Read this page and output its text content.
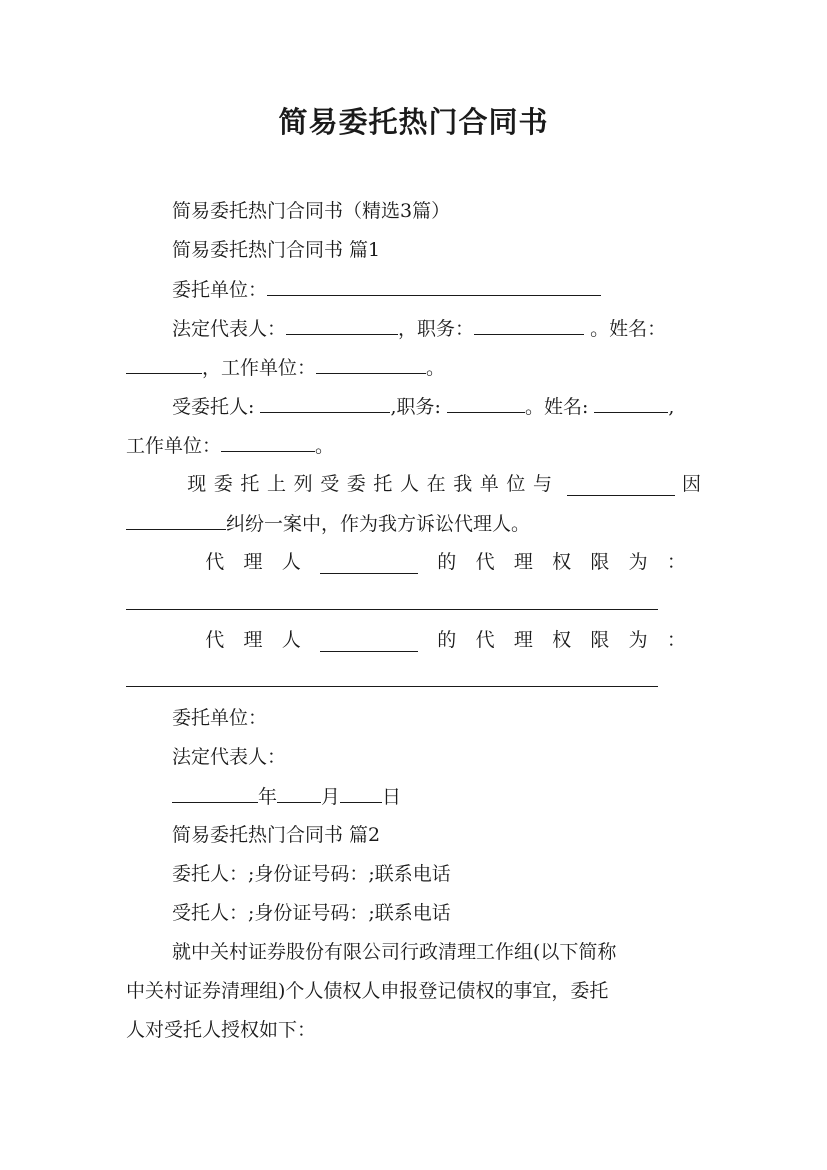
简易委托热门合同书
简易委托热门合同书（精选3篇）
简易委托热门合同书 篇1
委托单位：
法定代表人：	，职务：	。姓名：
，工作单位：	。
受委托人:	,职务:	。姓名:	,
工作单位：	。
现委托上列受委托人在我单位与	因
纠纷一案中，作为我方诉讼代理人。
代 理 人	的 代 理 权 限 为 ：
代 理 人	的 代 理 权 限 为 ：
委托单位：
法定代表人：
年 月 日
简易委托热门合同书 篇2
委托人：;身份证号码：;联系电话
受托人：;身份证号码：;联系电话
就中关村证券股份有限公司行政清理工作组(以下简称
中关村证券清理组)个人债权人申报登记债权的事宜，委托
人对受托人授权如下：
